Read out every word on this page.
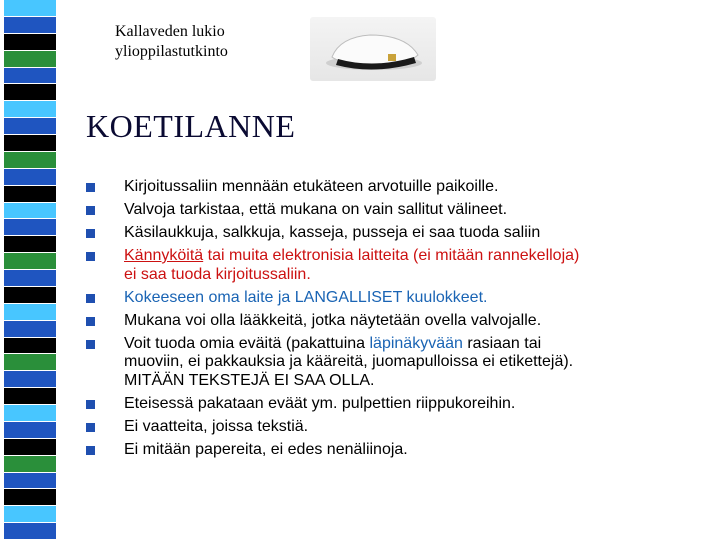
Kallaveden lukio
ylioppilastutkinto
KOETILANNE
Kirjoitussaliin mennään etukäteen arvotuille paikoille.
Valvoja tarkistaa, että mukana on vain sallitut välineet.
Käsilaukkuja, salkkuja, kasseja, pusseja ei saa tuoda saliin
Kännyköitä tai muita elektronisia laitteita (ei mitään rannekelloja)
ei saa tuoda kirjoitussaliin.
Kokeeseen oma laite ja LANGALLISET kuulokkeet.
Mukana voi olla lääkkeitä, jotka näytetään ovella valvojalle.
Voit tuoda omia eväitä (pakattuina läpinäkyvään rasiaan tai
muoviin, ei pakkauksia ja kääreitä, juomapulloissa ei etikettejä).
MITÄÄN TEKSTEJÄ EI SAA OLLA.
Eteisessä pakataan eväät ym. pulpettien riippukoreihin.
Ei vaatteita, joissa tekstiä.
Ei mitään papereita, ei edes nenäliinoja.
